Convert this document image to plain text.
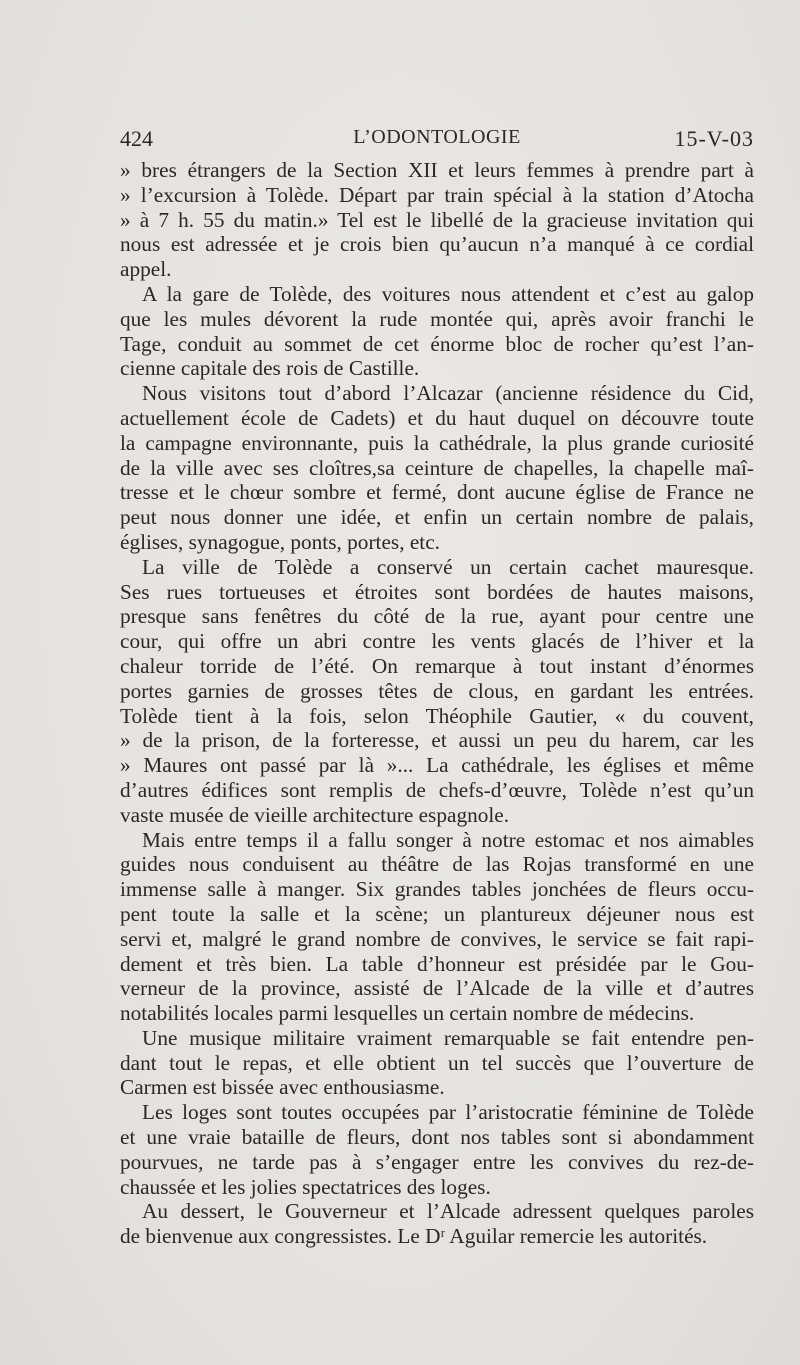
424	L’ODONTOLOGIE	15-V-03
» bres étrangers de la Section XII et leurs femmes à prendre part à
» l’excursion à Tolède. Départ par train spécial à la station d’Atocha
» à 7 h. 55 du matin.» Tel est le libellé de la gracieuse invitation qui
nous est adressée et je crois bien qu’aucun n’a manqué à ce cordial
appel.
A la gare de Tolède, des voitures nous attendent et c’est au galop
que les mules dévorent la rude montée qui, après avoir franchi le
Tage, conduit au sommet de cet énorme bloc de rocher qu’est l’an-
cienne capitale des rois de Castille.
Nous visitons tout d’abord l’Alcazar (ancienne résidence du Cid,
actuellement école de Cadets) et du haut duquel on découvre toute
la campagne environnante, puis la cathédrale, la plus grande curiosité
de la ville avec ses cloîtres,sa ceinture de chapelles, la chapelle maî-
tresse et le chœur sombre et fermé, dont aucune église de France ne
peut nous donner une idée, et enfin un certain nombre de palais,
églises, synagogue, ponts, portes, etc.
La ville de Tolède a conservé un certain cachet mauresque.
Ses rues tortueuses et étroites sont bordées de hautes maisons,
presque sans fenêtres du côté de la rue, ayant pour centre une
cour, qui offre un abri contre les vents glacés de l’hiver et la
chaleur torride de l’été. On remarque à tout instant d’énormes
portes garnies de grosses têtes de clous, en gardant les entrées.
Tolède tient à la fois, selon Théophile Gautier, « du couvent,
» de la prison, de la forteresse, et aussi un peu du harem, car les
» Maures ont passé par là »... La cathédrale, les églises et même
d’autres édifices sont remplis de chefs-d’œuvre, Tolède n’est qu’un
vaste musée de vieille architecture espagnole.
Mais entre temps il a fallu songer à notre estomac et nos aimables
guides nous conduisent au théâtre de las Rojas transformé en une
immense salle à manger. Six grandes tables jonchées de fleurs occu-
pent toute la salle et la scène; un plantureux déjeuner nous est
servi et, malgré le grand nombre de convives, le service se fait rapi-
dement et très bien. La table d’honneur est présidée par le Gou-
verneur de la province, assisté de l’Alcade de la ville et d’autres
notabilités locales parmi lesquelles un certain nombre de médecins.
Une musique militaire vraiment remarquable se fait entendre pen-
dant tout le repas, et elle obtient un tel succès que l’ouverture de
Carmen est bissée avec enthousiasme.
Les loges sont toutes occupées par l’aristocratie féminine de Tolède
et une vraie bataille de fleurs, dont nos tables sont si abondamment
pourvues, ne tarde pas à s’engager entre les convives du rez-de-
chaussée et les jolies spectatrices des loges.
Au dessert, le Gouverneur et l’Alcade adressent quelques paroles
de bienvenue aux congressistes. Le Dʳ Aguilar remercie les autorités.
